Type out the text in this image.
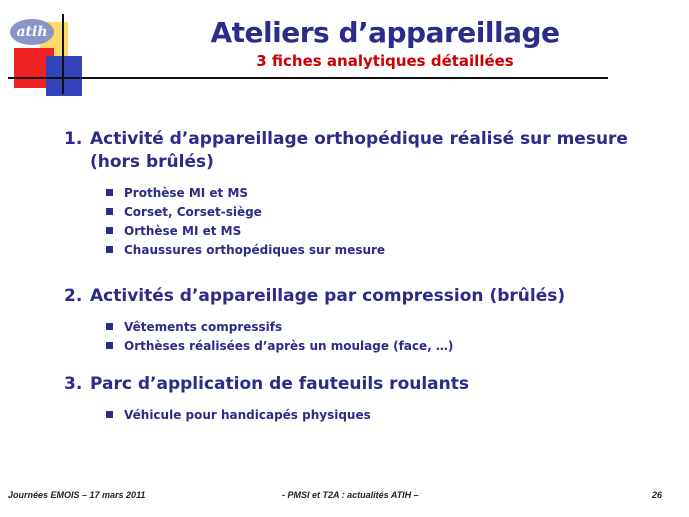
atih	Ateliers d’appareillage
3 fiches analytiques détaillées
1. Activité d’appareillage orthopédique réalisé sur mesure
(hors brûlés)
Prothèse MI et MS
Corset, Corset-siège
Orthèse MI et MS
Chaussures orthopédiques sur mesure
2. Activités d’appareillage par compression (brûlés)
Vêtements compressifs
Orthèses réalisées d’après un moulage (face, …)
3. Parc d’application de fauteuils roulants
Véhicule pour handicapés physiques
Journées EMOIS – 17 mars 2011	- PMSI et T2A : actualités ATIH –	26
